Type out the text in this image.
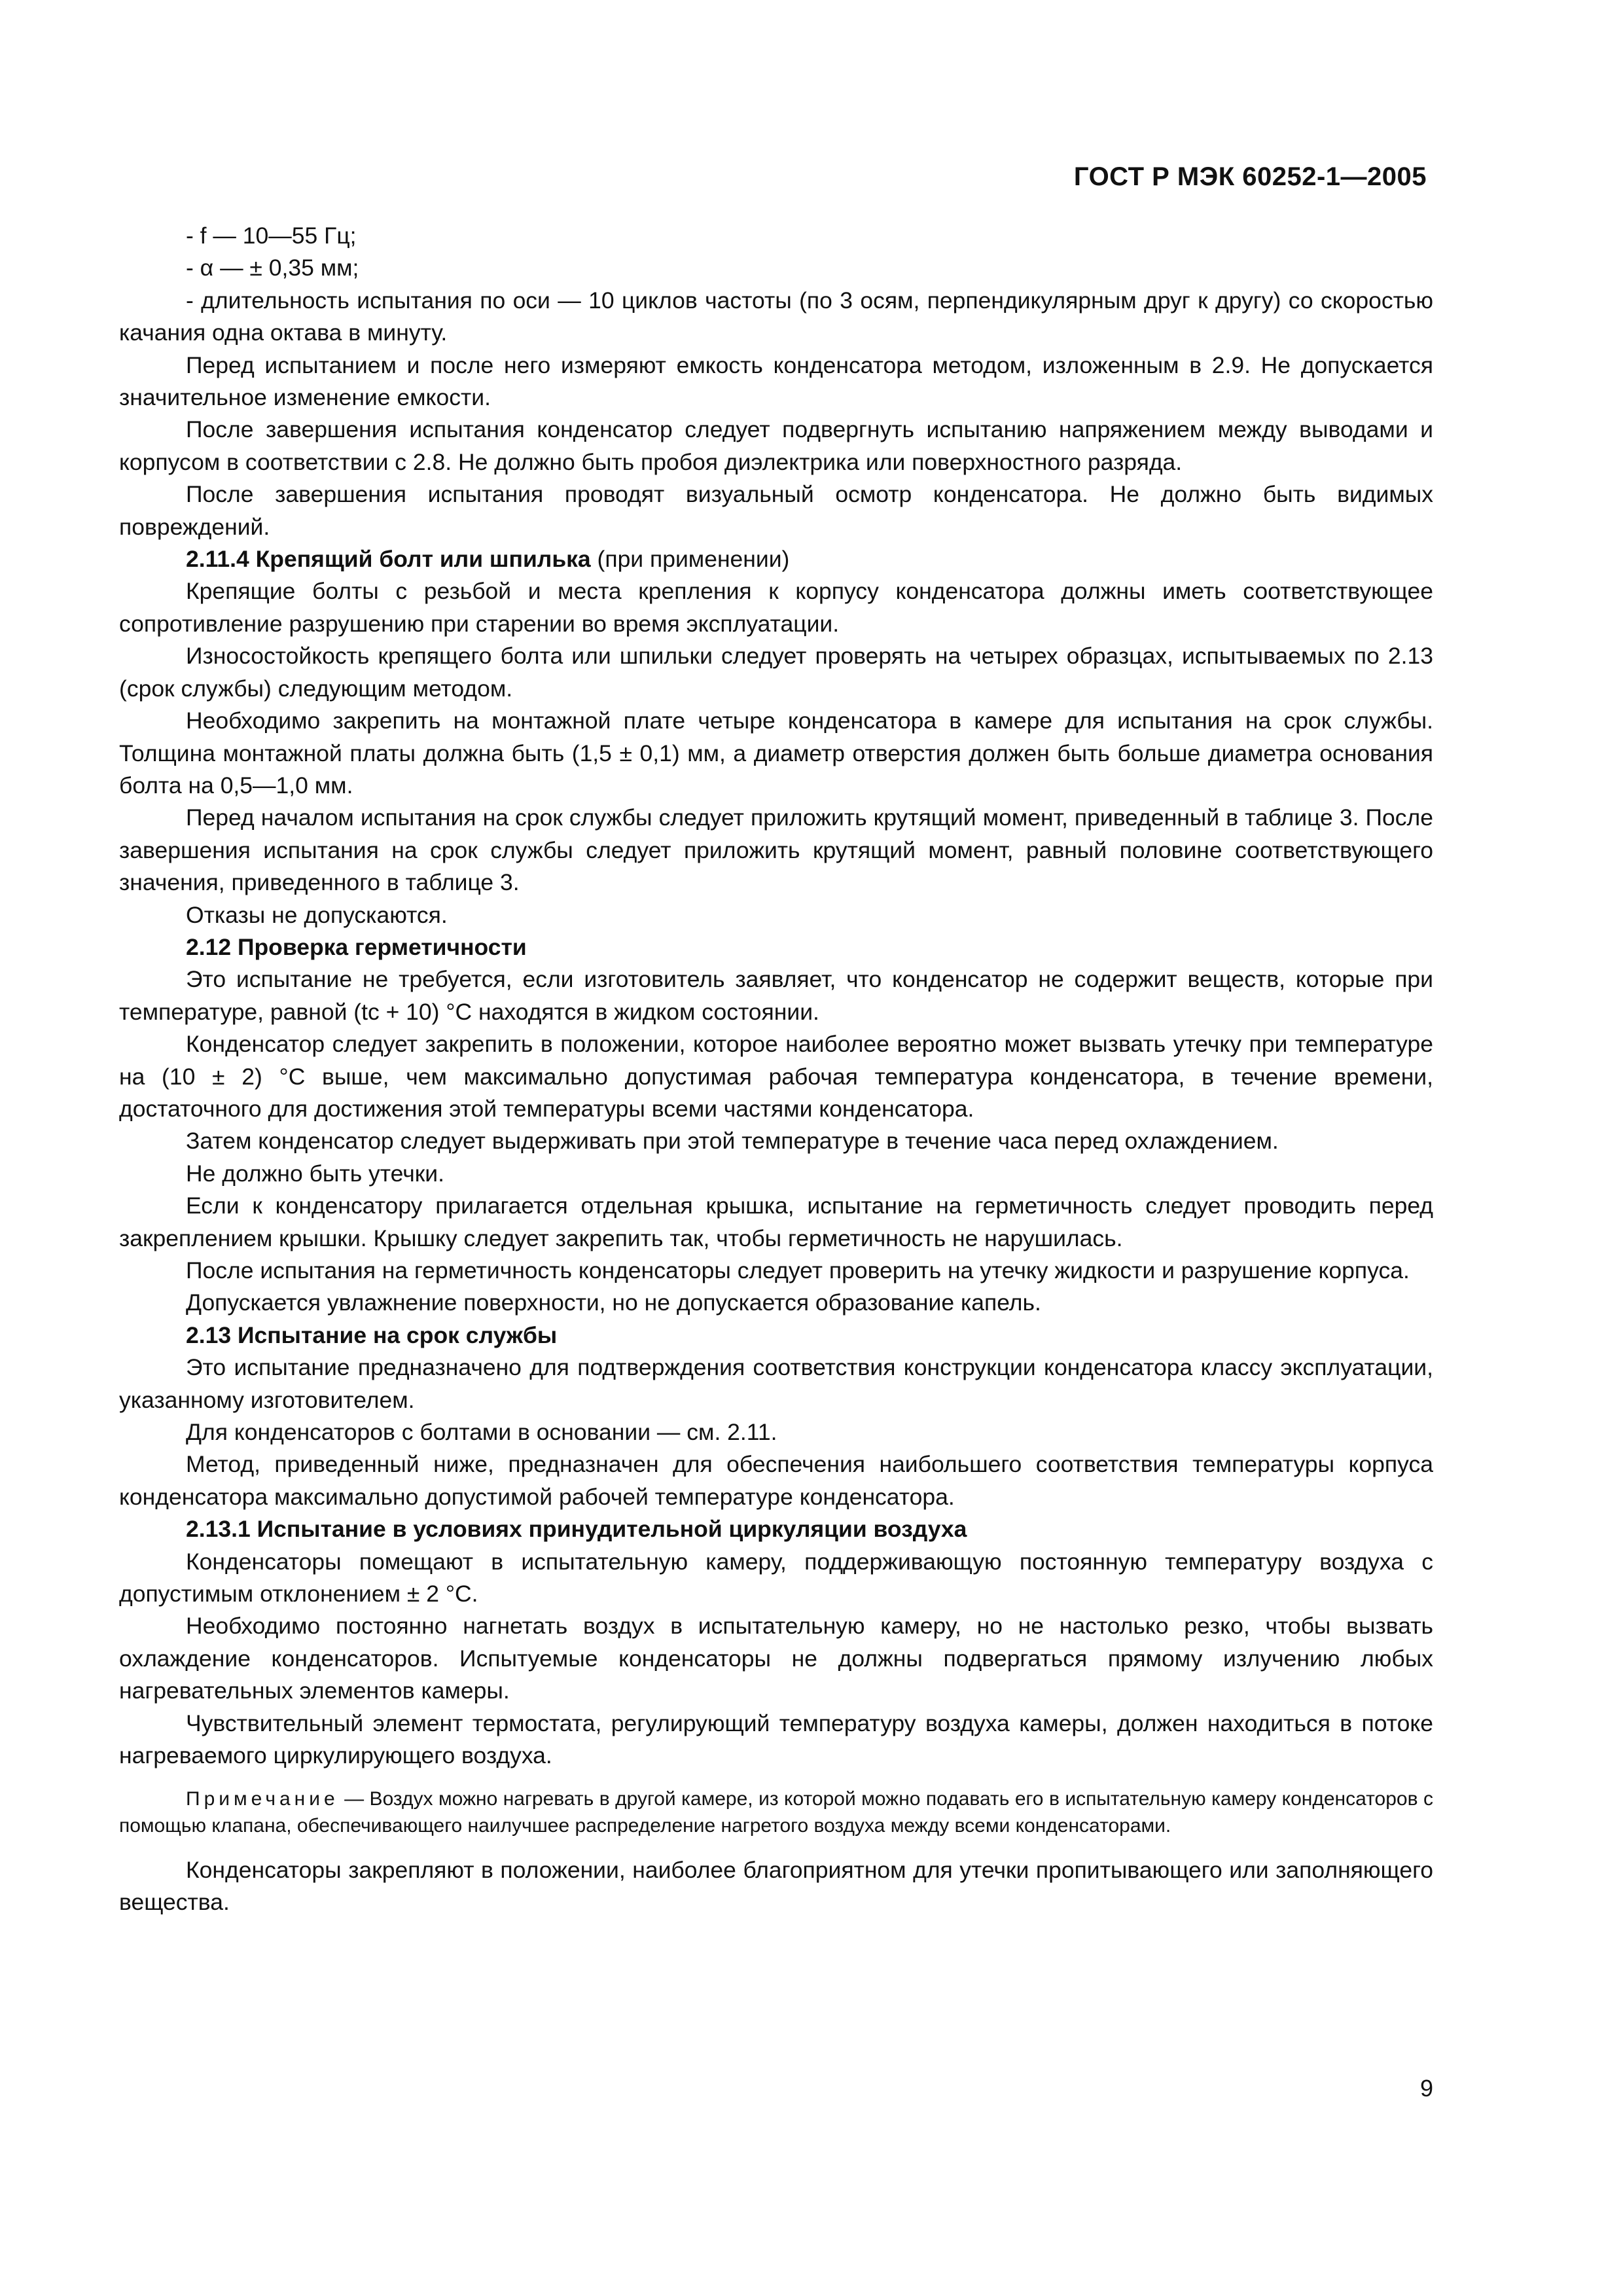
ГОСТ Р МЭК 60252-1—2005

- f — 10—55 Гц;

- α — ± 0,35 мм;

- длительность испытания по оси — 10 циклов частоты (по 3 осям, перпендикулярным друг к другу) со скоростью качания одна октава в минуту.

Перед испытанием и после него измеряют емкость конденсатора методом, изложенным в 2.9. Не допускается значительное изменение емкости.

После завершения испытания конденсатор следует подвергнуть испытанию напряжением между выводами и корпусом в соответствии с 2.8. Не должно быть пробоя диэлектрика или поверхностного разряда.

После завершения испытания проводят визуальный осмотр конденсатора. Не должно быть видимых повреждений.

2.11.4 Крепящий болт или шпилька (при применении)

Крепящие болты с резьбой и места крепления к корпусу конденсатора должны иметь соответствующее сопротивление разрушению при старении во время эксплуатации.

Износостойкость крепящего болта или шпильки следует проверять на четырех образцах, испытываемых по 2.13 (срок службы) следующим методом.

Необходимо закрепить на монтажной плате четыре конденсатора в камере для испытания на срок службы. Толщина монтажной платы должна быть (1,5 ± 0,1) мм, а диаметр отверстия должен быть больше диаметра основания болта на 0,5—1,0 мм.

Перед началом испытания на срок службы следует приложить крутящий момент, приведенный в таблице 3. После завершения испытания на срок службы следует приложить крутящий момент, равный половине соответствующего значения, приведенного в таблице 3.

Отказы не допускаются.

2.12 Проверка герметичности

Это испытание не требуется, если изготовитель заявляет, что конденсатор не содержит веществ, которые при температуре, равной (tc + 10) °С находятся в жидком состоянии.

Конденсатор следует закрепить в положении, которое наиболее вероятно может вызвать утечку при температуре на (10 ± 2) °С выше, чем максимально допустимая рабочая температура конденсатора, в течение времени, достаточного для достижения этой температуры всеми частями конденсатора.

Затем конденсатор следует выдерживать при этой температуре в течение часа перед охлаждением.

Не должно быть утечки.

Если к конденсатору прилагается отдельная крышка, испытание на герметичность следует проводить перед закреплением крышки. Крышку следует закрепить так, чтобы герметичность не нарушилась.

После испытания на герметичность конденсаторы следует проверить на утечку жидкости и разрушение корпуса.

Допускается увлажнение поверхности, но не допускается образование капель.

2.13 Испытание на срок службы

Это испытание предназначено для подтверждения соответствия конструкции конденсатора классу эксплуатации, указанному изготовителем.

Для конденсаторов с болтами в основании — см. 2.11.

Метод, приведенный ниже, предназначен для обеспечения наибольшего соответствия температуры корпуса конденсатора максимально допустимой рабочей температуре конденсатора.

2.13.1 Испытание в условиях принудительной циркуляции воздуха

Конденсаторы помещают в испытательную камеру, поддерживающую постоянную температуру воздуха с допустимым отклонением ± 2 °С.

Необходимо постоянно нагнетать воздух в испытательную камеру, но не настолько резко, чтобы вызвать охлаждение конденсаторов. Испытуемые конденсаторы не должны подвергаться прямому излучению любых нагревательных элементов камеры.

Чувствительный элемент термостата, регулирующий температуру воздуха камеры, должен находиться в потоке нагреваемого циркулирующего воздуха.

Примечание — Воздух можно нагревать в другой камере, из которой можно подавать его в испытательную камеру конденсаторов с помощью клапана, обеспечивающего наилучшее распределение нагретого воздуха между всеми конденсаторами.

Конденсаторы закрепляют в положении, наиболее благоприятном для утечки пропитывающего или заполняющего вещества.

9
